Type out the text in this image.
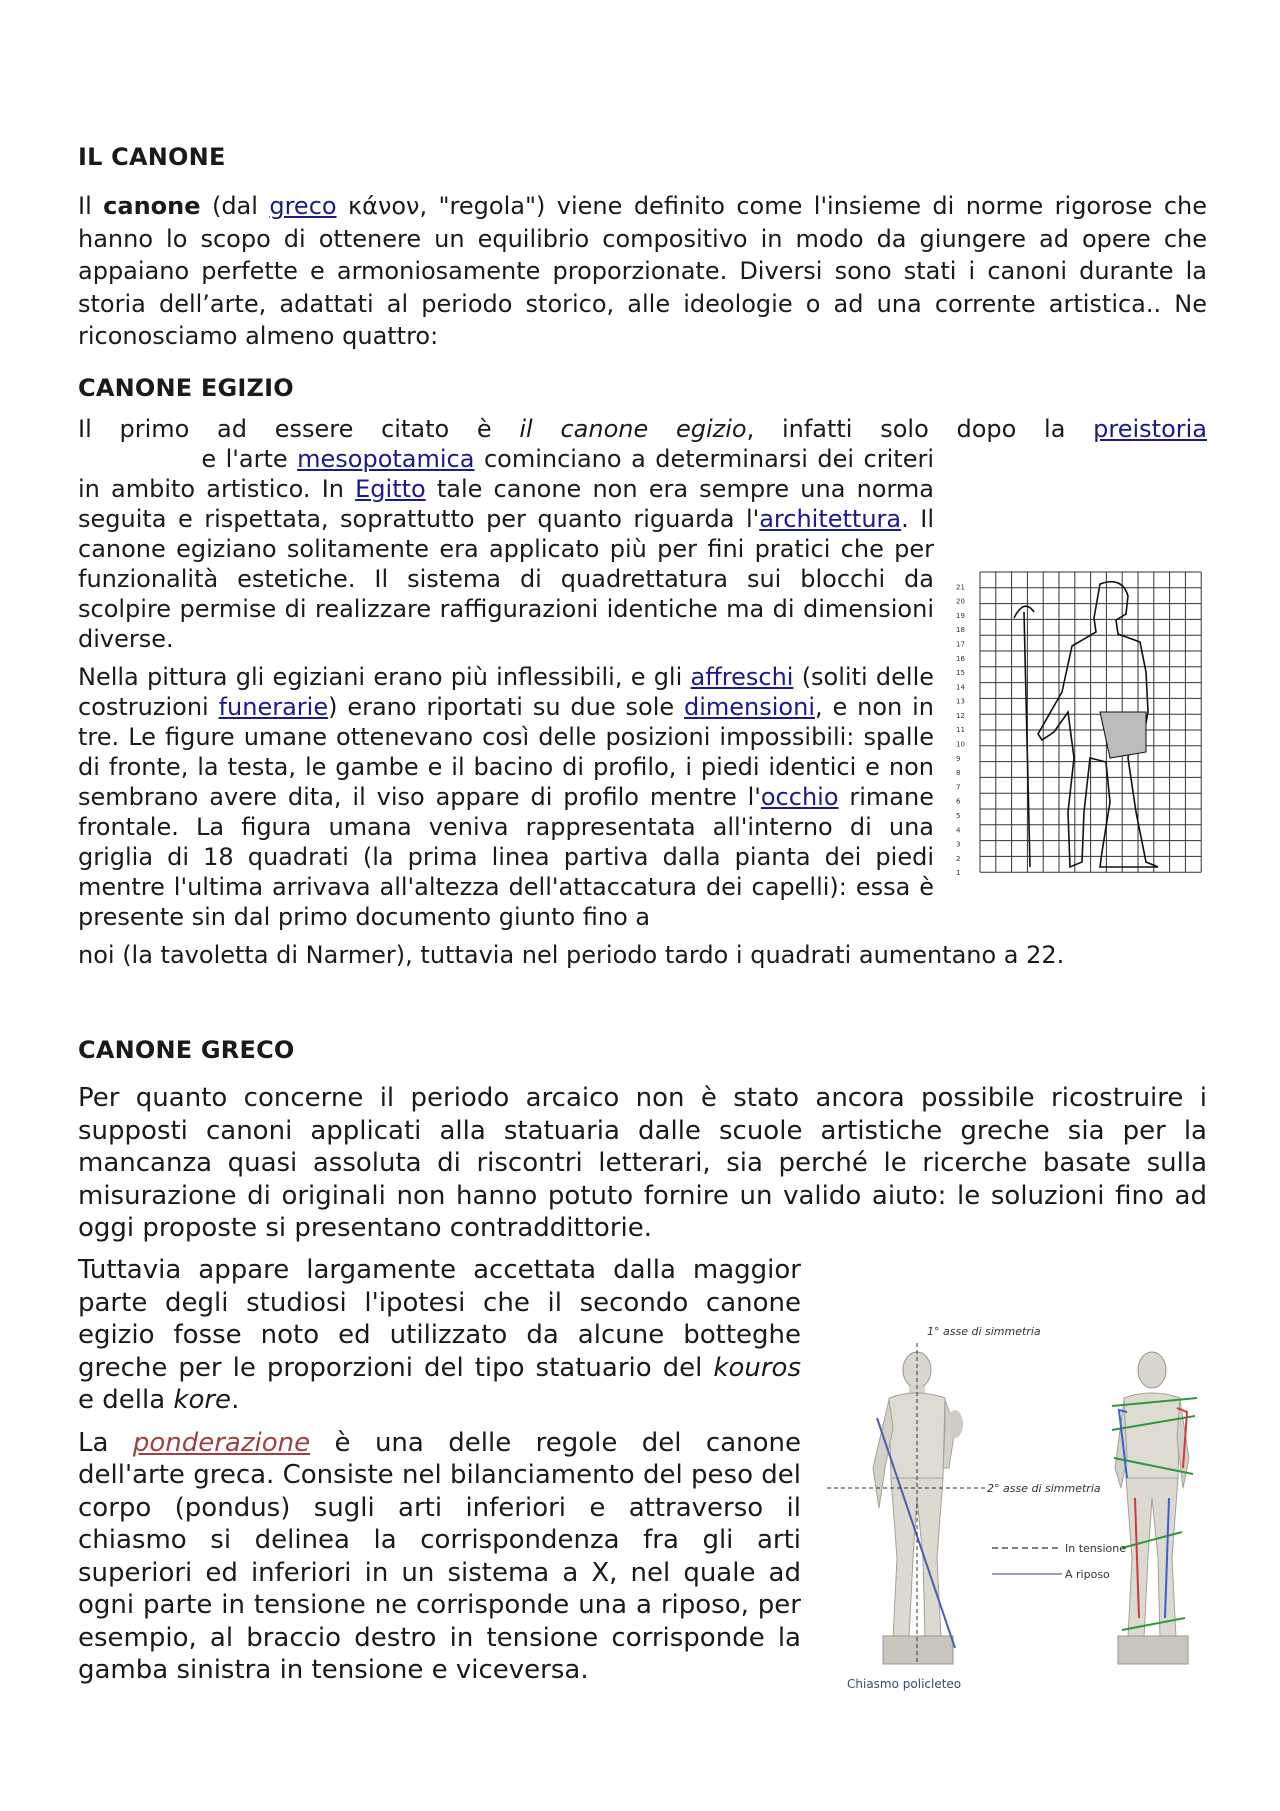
IL CANONE

Il canone (dal greco κάνον, "regola") viene definito come l'insieme di norme rigorose che hanno lo scopo di ottenere un equilibrio compositivo in modo da giungere ad opere che appaiano perfette e armoniosamente proporzionate. Diversi sono stati i canoni durante la storia dell’arte, adattati al periodo storico, alle ideologie o ad una corrente artistica.. Ne riconosciamo almeno quattro:

CANONE EGIZIO

Il primo ad essere citato è il canone egizio, infatti solo dopo la preistoria

1
2
3
4
5
6
7
8
9
10
11
12
13
14
15
16
17
18
19
20
21

e l'arte mesopotamica cominciano a determinarsi dei criteri in ambito artistico. In Egitto tale canone non era sempre una norma seguita e rispettata, soprattutto per quanto riguarda l'architettura. Il canone egiziano solitamente era applicato più per fini pratici che per funzionalità estetiche. Il sistema di quadrettatura sui blocchi da scolpire permise di realizzare raffigurazioni identiche ma di dimensioni diverse.

Nella pittura gli egiziani erano più inflessibili, e gli affreschi (soliti delle costruzioni funerarie) erano riportati su due sole dimensioni, e non in tre. Le figure umane ottenevano così delle posizioni impossibili: spalle di fronte, la testa, le gambe e il bacino di profilo, i piedi identici e non sembrano avere dita, il viso appare di profilo mentre l'occhio rimane frontale. La figura umana veniva rappresentata all'interno di una griglia di 18 quadrati (la prima linea partiva dalla pianta dei piedi mentre l'ultima arrivava all'altezza dell'attaccatura dei capelli): essa è presente sin dal primo documento giunto fino a

noi (la tavoletta di Narmer), tuttavia nel periodo tardo i quadrati aumentano a 22.

CANONE GRECO

Per quanto concerne il periodo arcaico non è stato ancora possibile ricostruire i supposti canoni applicati alla statuaria dalle scuole artistiche greche sia per la mancanza quasi assoluta di riscontri letterari, sia perché le ricerche basate sulla misurazione di originali non hanno potuto fornire un valido aiuto: le soluzioni fino ad oggi proposte si presentano contraddittorie.

1° asse di simmetria
2° asse di simmetria
In tensione
A riposo
Chiasmo policleteo

Tuttavia appare largamente accettata dalla maggior parte degli studiosi l'ipotesi che il secondo canone egizio fosse noto ed utilizzato da alcune botteghe greche per le proporzioni del tipo statuario del kouros e della kore.

La ponderazione è una delle regole del canone dell'arte greca. Consiste nel bilanciamento del peso del corpo (pondus) sugli arti inferiori e attraverso il chiasmo si delinea la corrispondenza fra gli arti superiori ed inferiori in un sistema a X, nel quale ad ogni parte in tensione ne corrisponde una a riposo, per esempio, al braccio destro in tensione corrisponde la gamba sinistra in tensione e viceversa.
